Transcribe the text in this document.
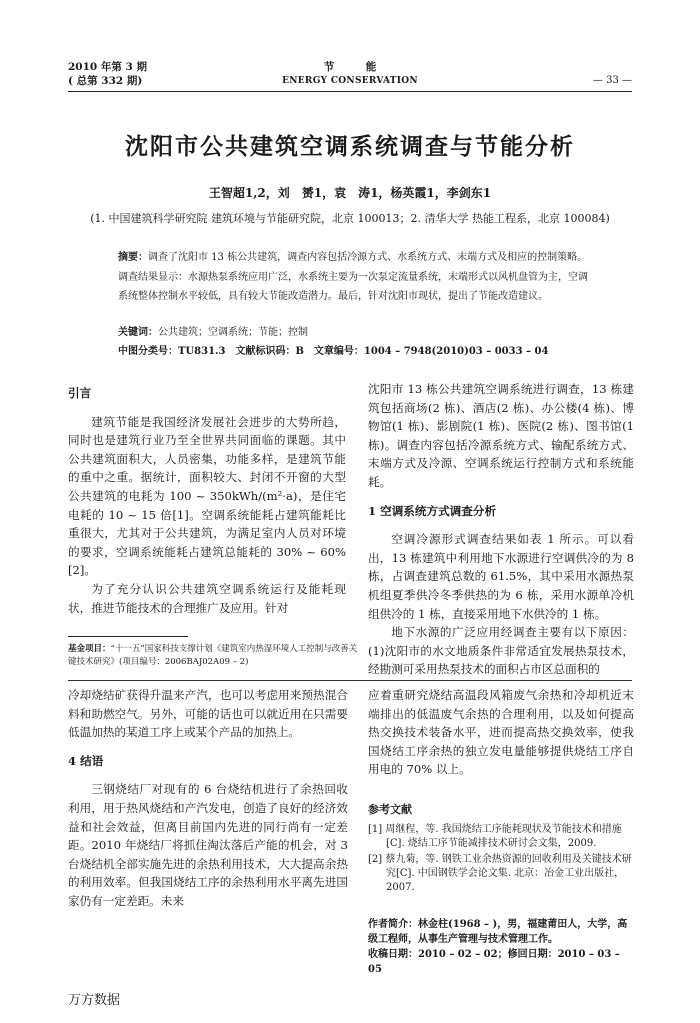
2010 年第 3 期
( 总第 332 期)
节　　　能
ENERGY CONSERVATION	— 33 —
沈阳市公共建筑空调系统调查与节能分析
王智超1,2，刘　赟1，袁　涛1，杨英霞1，李剑东1
(1. 中国建筑科学研究院 建筑环境与节能研究院，北京 100013；2. 清华大学 热能工程系，北京 100084)
摘要：调查了沈阳市 13 栋公共建筑，调查内容包括冷源方式、水系统方式、末端方式及相应的控制策略。调查结果显示：水源热泵系统应用广泛，水系统主要为一次泵定流量系统，末端形式以风机盘管为主，空调系统整体控制水平较低，具有较大节能改造潜力。最后，针对沈阳市现状，提出了节能改造建议。
关键词：公共建筑；空调系统；节能；控制
中图分类号：TU831.3　文献标识码：B　文章编号：1004 – 7948(2010)03 – 0033 – 04

引言

建筑节能是我国经济发展社会进步的大势所趋，同时也是建筑行业乃至全世界共同面临的课题。其中公共建筑面积大，人员密集，功能多样，是建筑节能的重中之重。据统计，面积较大、封闭不开窗的大型公共建筑的电耗为 100 ~ 350kWh/(m²·a)，是住宅电耗的 10 ~ 15 倍[1]。空调系统能耗占建筑能耗比重很大，尤其对于公共建筑，为满足室内人员对环境的要求，空调系统能耗占建筑总能耗的 30% ~ 60%[2]。

为了充分认识公共建筑空调系统运行及能耗现状，推进节能技术的合理推广及应用。针对

沈阳市 13 栋公共建筑空调系统进行调查，13 栋建筑包括商场(2 栋)、酒店(2 栋)、办公楼(4 栋)、博物馆(1 栋)、影剧院(1 栋)、医院(2 栋)、图书馆(1 栋)。调查内容包括冷源系统方式、输配系统方式、末端方式及冷源、空调系统运行控制方式和系统能耗。

1 空调系统方式调查分析

空调冷源形式调查结果如表 1 所示。可以看出，13 栋建筑中利用地下水源进行空调供冷的为 8 栋，占调查建筑总数的 61.5%，其中采用水源热泵机组夏季供冷冬季供热的为 6 栋，采用水源单冷机组供冷的 1 栋，直接采用地下水供冷的 1 栋。

地下水源的广泛应用经调查主要有以下原因：(1)沈阳市的水文地质条件非常适宜发展热泵技术，经勘测可采用热泵技术的面积占市区总面积的

基金项目：“十一五”国家科技支撑计划《建筑室内热湿环境人工控制与改善关键技术研究》(项目编号：2006BAJ02A09 – 2)

冷却烧结矿获得升温来产汽，也可以考虑用来预热混合料和助燃空气。另外，可能的话也可以就近用在只需要低温加热的某道工序上或某个产品的加热上。

4 结语

三钢烧结厂对现有的 6 台烧结机进行了余热回收利用，用于热风烧结和产汽发电，创造了良好的经济效益和社会效益，但离目前国内先进的同行尚有一定差距。2010 年烧结厂将抓住淘汰落后产能的机会，对 3 台烧结机全部实施先进的余热利用技术，大大提高余热的利用效率。但我国烧结工序的余热利用水平离先进国家仍有一定差距。未来

应着重研究烧结高温段风箱废气余热和冷却机近末端排出的低温废气余热的合理利用，以及如何提高热交换技术装备水平，进而提高热交换效率，使我国烧结工序余热的独立发电量能够提供烧结工序自用电的 70% 以上。

参考文献
[1] 周继程，等. 我国烧结工序能耗现状及节能技术和措施[C]. 烧结工序节能减排技术研讨会文集，2009.
[2] 蔡九菊，等. 钢铁工业余热资源的回收利用及关键技术研究[C]. 中国钢铁学会论文集. 北京：冶金工业出版社，2007.
作者简介：林金柱(1968 – )，男，福建莆田人，大学，高级工程师，从事生产管理与技术管理工作。
收稿日期：2010 – 02 – 02；修回日期：2010 – 03 – 05
万方数据
